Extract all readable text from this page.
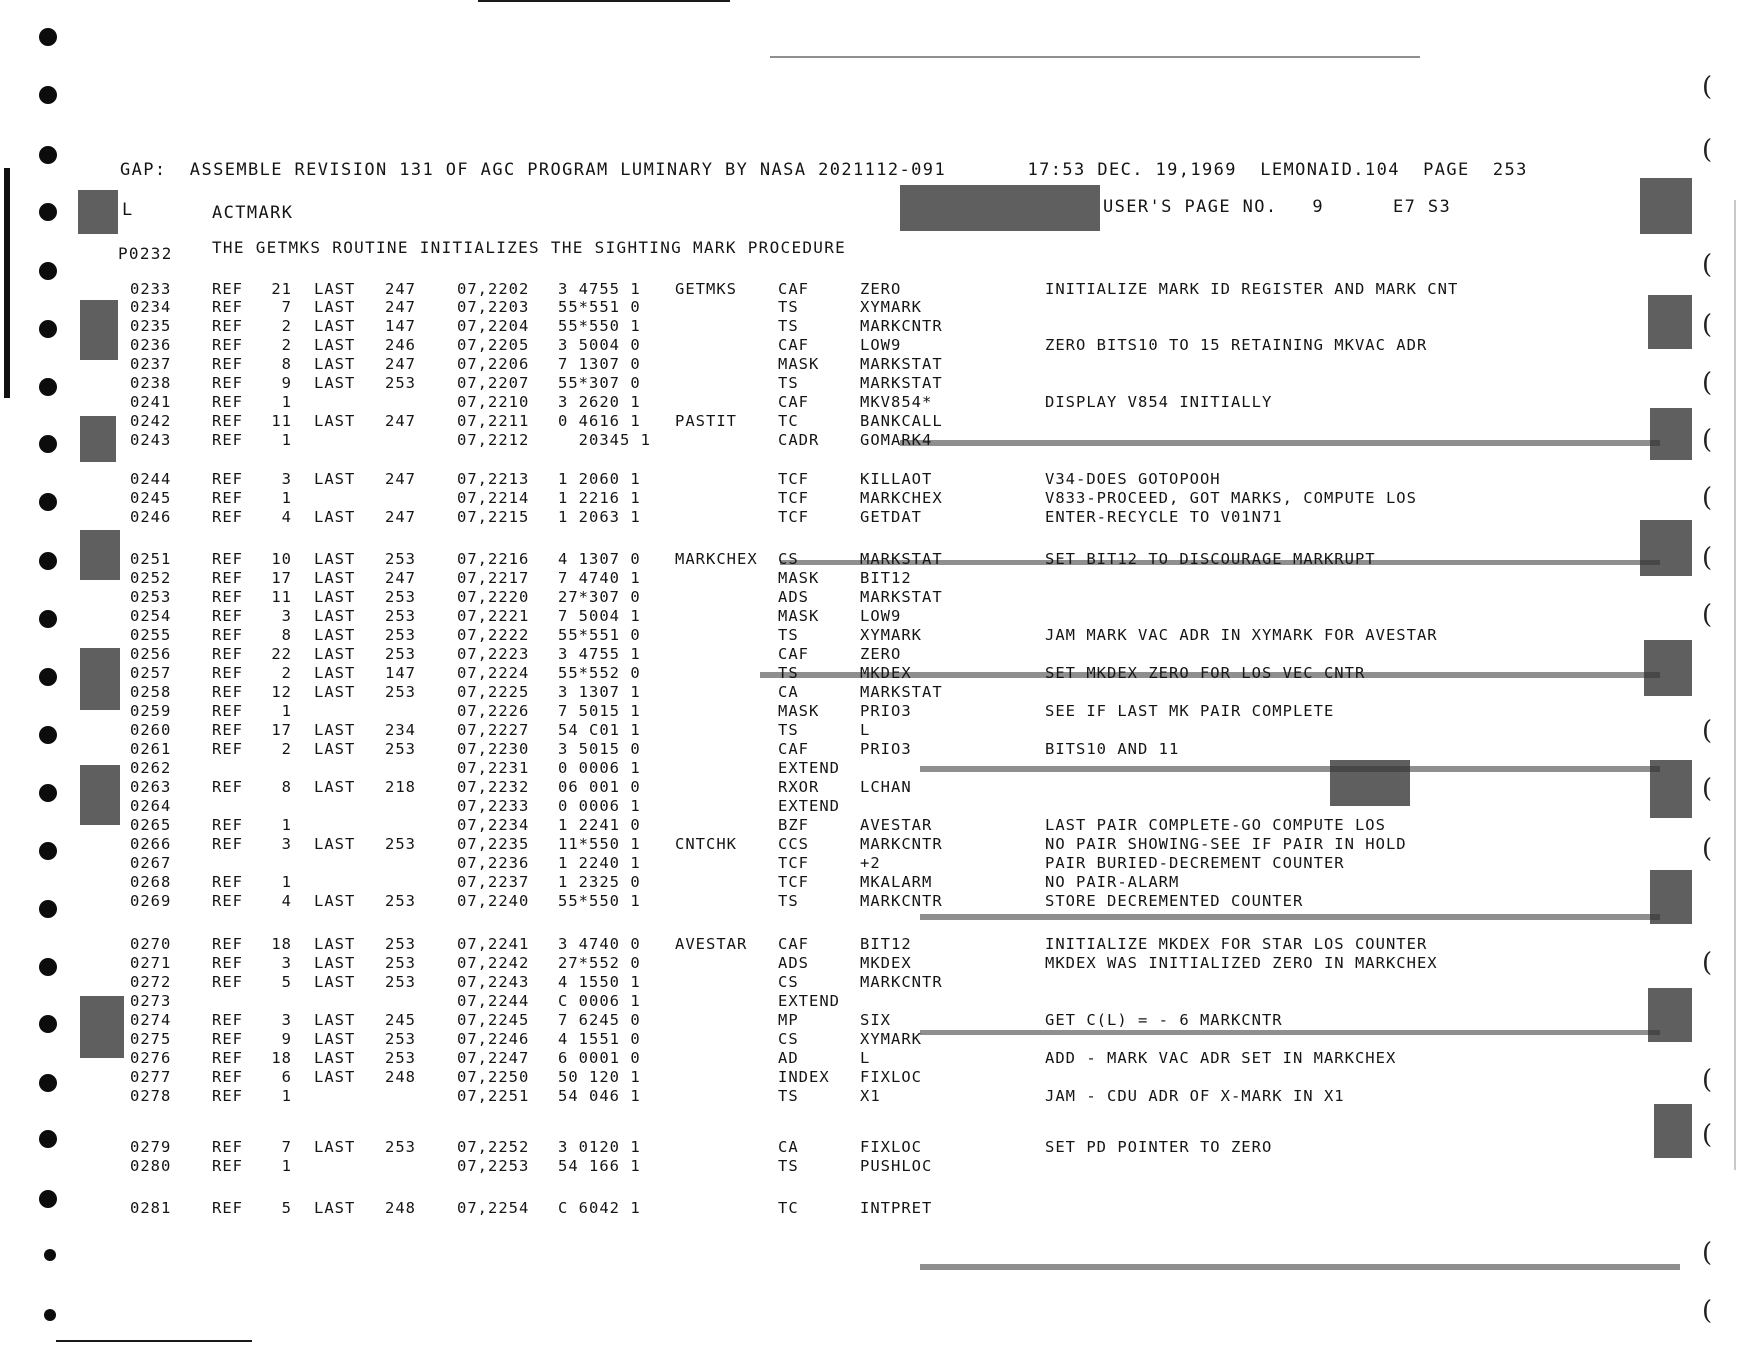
(
(
(
(
(
(
(
(
(
(
(
(
(
(
(
(
(
GAP:  ASSEMBLE REVISION 131 OF AGC PROGRAM LUMINARY BY NASA 2021112-091       17:53 DEC. 19,1969  LEMONAID.104  PAGE  253
L	ACTMARK	USER'S PAGE NO.   9	E7 S3
P0232 THE GETMKS ROUTINE INITIALIZES THE SIGHTING MARK PROCEDURE
0233	REF 21 LAST 247	07,2202 3 4755 1 GETMKS	CAF	ZERO	INITIALIZE MARK ID REGISTER AND MARK CNT
0234	REF	7 LAST 247	07,2203 55*551 0	TS	XYMARK
0235	REF	2 LAST 147	07,2204 55*550 1	TS	MARKCNTR
0236	REF	2 LAST 246	07,2205 3 5004 0	CAF	LOW9	ZERO BITS10 TO 15 RETAINING MKVAC ADR
0237	REF	8 LAST 247	07,2206 7 1307 0	MASK	MARKSTAT
0238	REF	9 LAST 253	07,2207 55*307 0	TS	MARKSTAT
0241	REF	1	07,2210 3 2620 1	CAF	MKV854*	DISPLAY V854 INITIALLY
0242	REF 11 LAST 247	07,2211 0 4616 1 PASTIT	TC	BANKCALL
0243	REF	1	07,2212 20345 1	CADR	GOMARK4
0244	REF	3 LAST 247	07,2213 1 2060 1	TCF	KILLAOT	V34-DOES GOTOPOOH
0245	REF	1	07,2214 1 2216 1	TCF	MARKCHEX	V833-PROCEED, GOT MARKS, COMPUTE LOS
0246	REF	4 LAST 247	07,2215 1 2063 1	TCF	GETDAT	ENTER-RECYCLE TO V01N71
0251	REF 10 LAST 253	07,2216 4 1307 0 MARKCHEX CS	MARKSTAT	SET BIT12 TO DISCOURAGE MARKRUPT
0252	REF 17 LAST 247	07,2217 7 4740 1	MASK	BIT12
0253	REF 11 LAST 253	07,2220 27*307 0	ADS	MARKSTAT
0254	REF	3 LAST 253	07,2221 7 5004 1	MASK	LOW9
0255	REF	8 LAST 253	07,2222 55*551 0	TS	XYMARK	JAM MARK VAC ADR IN XYMARK FOR AVESTAR
0256	REF 22 LAST 253	07,2223 3 4755 1	CAF	ZERO
0257	REF	2 LAST 147	07,2224 55*552 0	TS	MKDEX	SET MKDEX ZERO FOR LOS VEC CNTR
0258	REF 12 LAST 253	07,2225 3 1307 1	CA	MARKSTAT
0259	REF	1	07,2226 7 5015 1	MASK	PRIO3	SEE IF LAST MK PAIR COMPLETE
0260	REF 17 LAST 234	07,2227 54 C01 1	TS	L
0261	REF	2 LAST 253	07,2230 3 5015 0	CAF	PRIO3	BITS10 AND 11
0262	07,2231 0 0006 1	EXTEND
0263	REF	8 LAST 218	07,2232 06 001 0	RXOR	LCHAN
0264	07,2233 0 0006 1	EXTEND
0265	REF	1	07,2234 1 2241 0	BZF	AVESTAR	LAST PAIR COMPLETE-GO COMPUTE LOS
0266	REF	3 LAST 253	07,2235 11*550 1 CNTCHK	CCS	MARKCNTR	NO PAIR SHOWING-SEE IF PAIR IN HOLD
0267	07,2236 1 2240 1	TCF	+2	PAIR BURIED-DECREMENT COUNTER
0268	REF	1	07,2237 1 2325 0	TCF	MKALARM	NO PAIR-ALARM
0269	REF	4 LAST 253	07,2240 55*550 1	TS	MARKCNTR	STORE DECREMENTED COUNTER
0270	REF 18 LAST 253	07,2241 3 4740 0 AVESTAR CAF	BIT12	INITIALIZE MKDEX FOR STAR LOS COUNTER
0271	REF	3 LAST 253	07,2242 27*552 0	ADS	MKDEX	MKDEX WAS INITIALIZED ZERO IN MARKCHEX
0272	REF	5 LAST 253	07,2243 4 1550 1	CS	MARKCNTR
0273	07,2244 C 0006 1	EXTEND
0274	REF	3 LAST 245	07,2245 7 6245 0	MP	SIX	GET C(L) = - 6 MARKCNTR
0275	REF	9 LAST 253	07,2246 4 1551 0	CS	XYMARK
0276	REF 18 LAST 253	07,2247 6 0001 0	AD	L	ADD - MARK VAC ADR SET IN MARKCHEX
0277	REF	6 LAST 248	07,2250 50 120 1	INDEX FIXLOC
0278	REF	1	07,2251 54 046 1	TS	X1	JAM - CDU ADR OF X-MARK IN X1
0279	REF	7 LAST 253	07,2252 3 0120 1	CA	FIXLOC	SET PD POINTER TO ZERO
0280	REF	1	07,2253 54 166 1	TS	PUSHLOC
0281	REF	5 LAST 248	07,2254 C 6042 1	TC	INTPRET
